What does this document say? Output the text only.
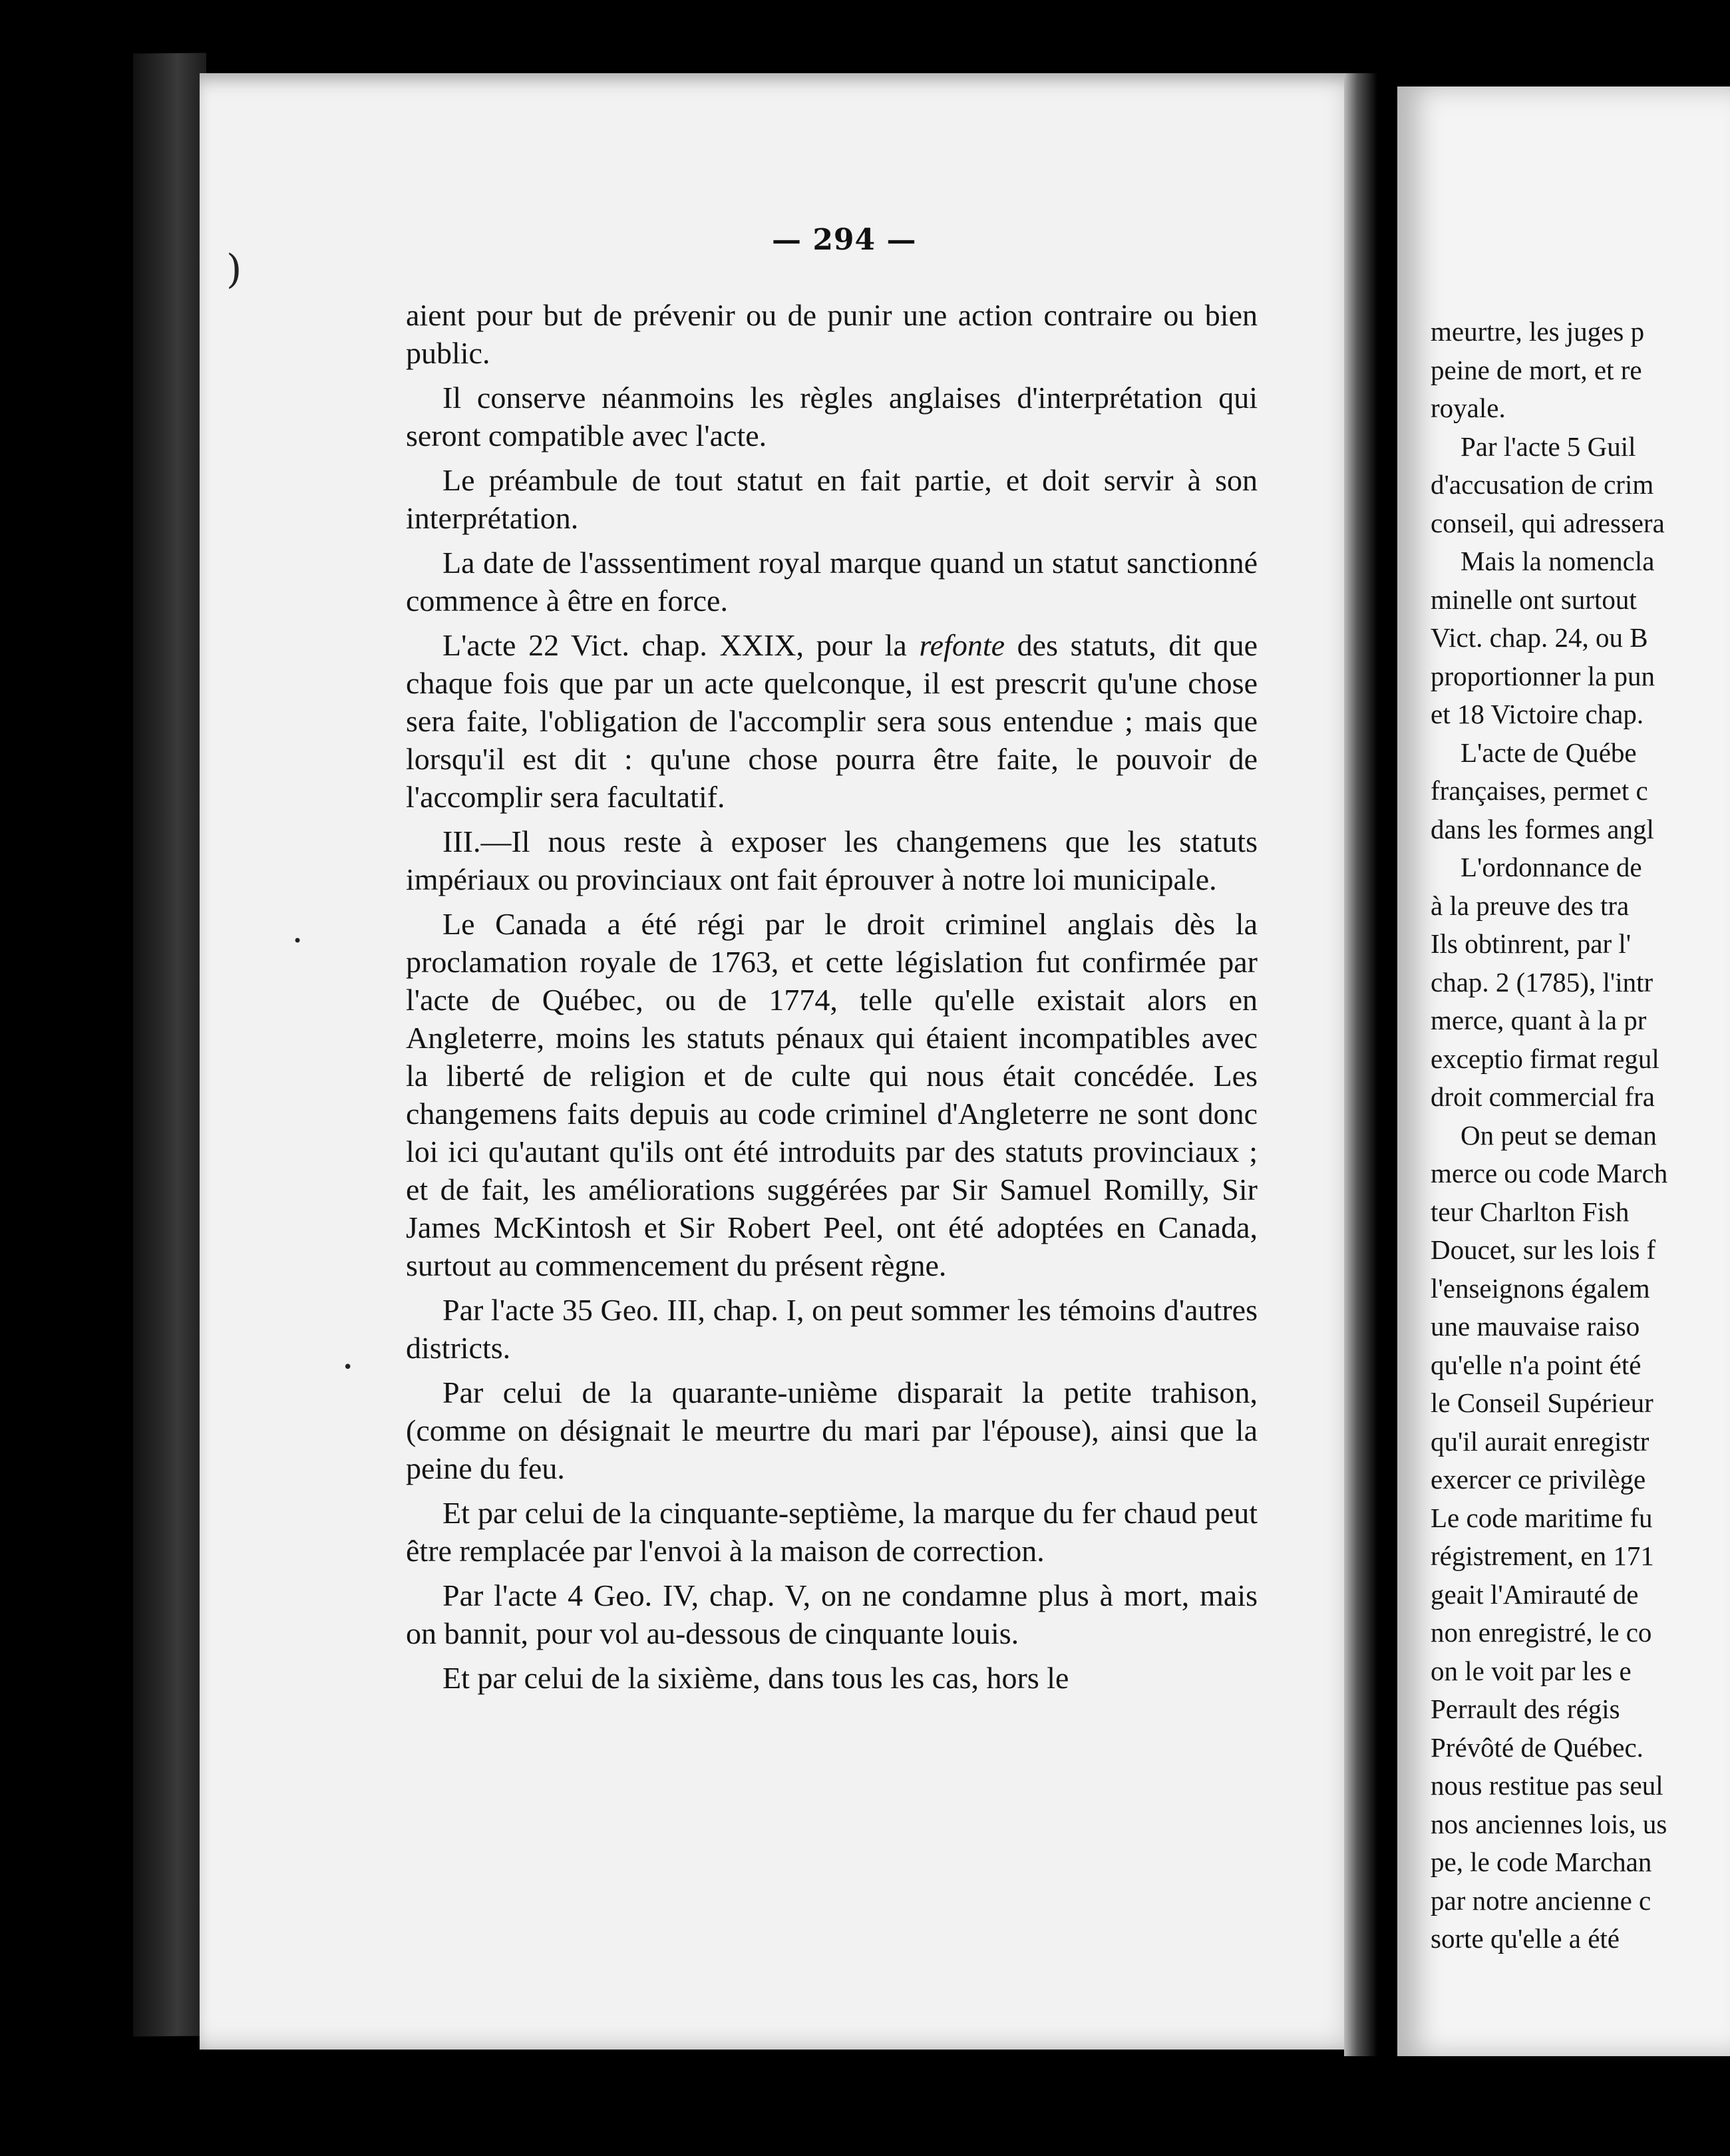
)
•
•
— 294 —

aient pour but de prévenir ou de punir une action contraire ou bien public.

Il conserve néanmoins les règles anglaises d'interprétation qui seront compatible avec l'acte.

Le préambule de tout statut en fait partie, et doit servir à son interprétation.

La date de l'asssentiment royal marque quand un statut sanctionné commence à être en force.

L'acte 22 Vict. chap. XXIX, pour la refonte des statuts, dit que chaque fois que par un acte quelconque, il est prescrit qu'une chose sera faite, l'obligation de l'accomplir sera sous entendue ; mais que lorsqu'il est dit : qu'une chose pourra être faite, le pouvoir de l'accomplir sera facultatif.

III.—Il nous reste à exposer les changemens que les statuts impériaux ou provinciaux ont fait éprouver à notre loi municipale.

Le Canada a été régi par le droit criminel anglais dès la proclamation royale de 1763, et cette législation fut confirmée par l'acte de Québec, ou de 1774, telle qu'elle existait alors en Angleterre, moins les statuts pénaux qui étaient incompatibles avec la liberté de religion et de culte qui nous était concédée. Les changemens faits depuis au code criminel d'Angleterre ne sont donc loi ici qu'autant qu'ils ont été introduits par des statuts provinciaux ; et de fait, les améliorations suggérées par Sir Samuel Romilly, Sir James McKintosh et Sir Robert Peel, ont été adoptées en Canada, surtout au commencement du présent règne.

Par l'acte 35 Geo. III, chap. I, on peut sommer les témoins d'autres districts.

Par celui de la quarante-unième disparait la petite trahison, (comme on désignait le meurtre du mari par l'épouse), ainsi que la peine du feu.

Et par celui de la cinquante-septième, la marque du fer chaud peut être remplacée par l'envoi à la maison de correction.

Par l'acte 4 Geo. IV, chap. V, on ne condamne plus à mort, mais on bannit, pour vol au-dessous de cinquante louis.

Et par celui de la sixième, dans tous les cas, hors le

meurtre, les juges p
peine de mort, et re
royale.
Par l'acte 5 Guil
d'accusation de crim
conseil, qui adressera
Mais la nomencla
minelle ont surtout
Vict. chap. 24, ou B
proportionner la pun
et 18 Victoire chap.
L'acte de Québe
françaises, permet c
dans les formes angl
L'ordonnance de
à la preuve des tra
Ils obtinrent, par l'
chap. 2 (1785), l'intr
merce, quant à la pr
exceptio firmat regul
droit commercial fra
On peut se deman
merce ou code March
teur Charlton Fish
Doucet, sur les lois f
l'enseignons égalem
une mauvaise raiso
qu'elle n'a point été
le Conseil Supérieur
qu'il aurait enregistr
exercer ce privilège
Le code maritime fu
régistrement, en 171
geait l'Amirauté de
non enregistré, le co
on le voit par les e
Perrault des régis
Prévôté de Québec.
nous restitue pas seul
nos anciennes lois, us
pe, le code Marchan
par notre ancienne c
sorte qu'elle a été
